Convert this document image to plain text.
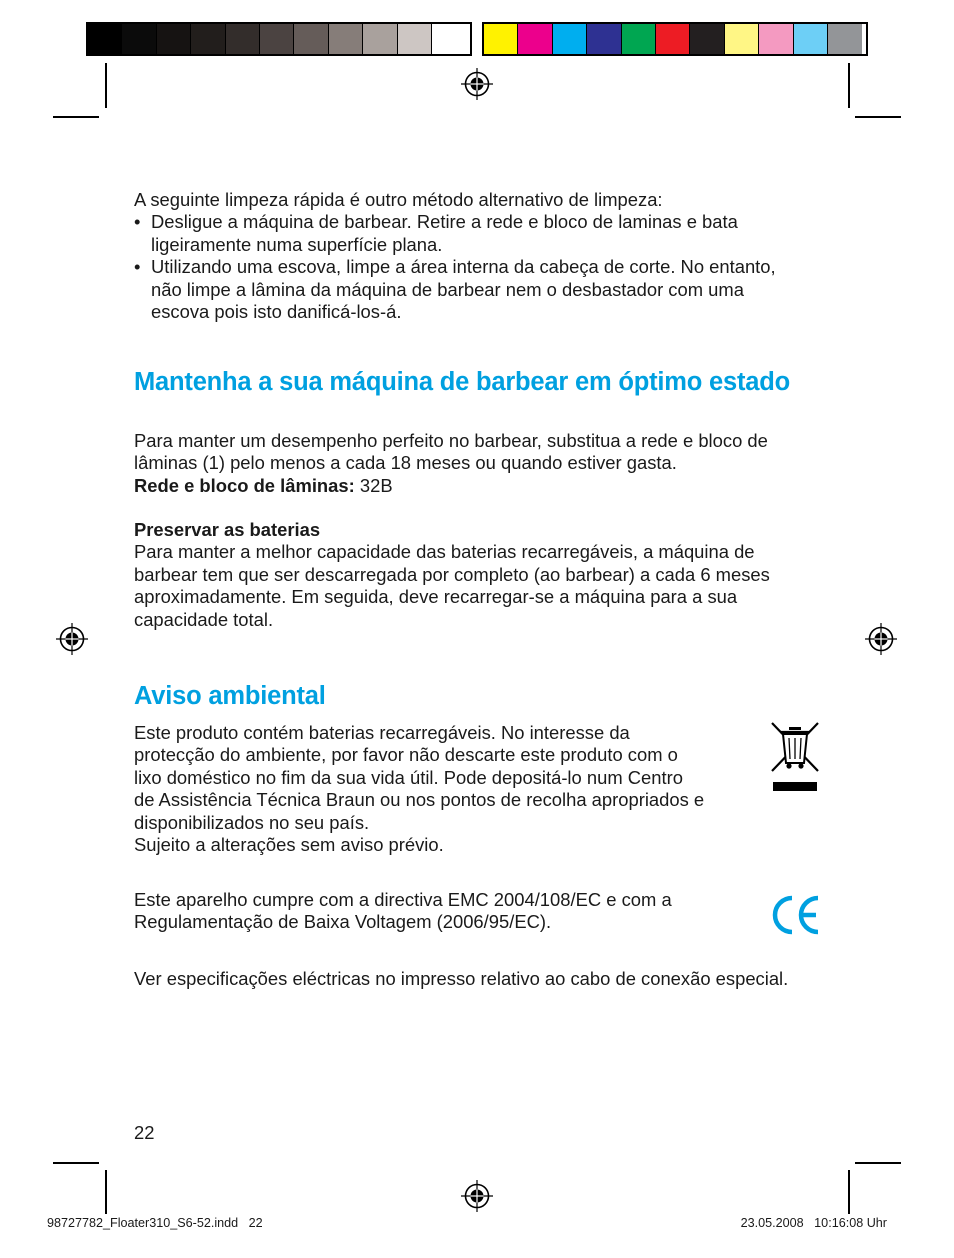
A seguinte limpeza rápida é outro método alternativo de limpeza:

• Desligue a máquina de barbear. Retire a rede e bloco de laminas e bata ligeiramente numa superfície plana.
• Utilizando uma escova, limpe a área interna da cabeça de corte. No entanto, não limpe a lâmina da máquina de barbear nem o desbastador com uma escova pois isto danificá-los-á.
Mantenha a sua máquina de barbear em óptimo estado

Para manter um desempenho perfeito no barbear, substitua a rede e bloco de lâminas (1) pelo menos a cada 18 meses ou quando estiver gasta.

Rede e bloco de lâminas: 32B

Preservar as baterias

Para manter a melhor capacidade das baterias recarregáveis, a máquina de barbear tem que ser descarregada por completo (ao barbear) a cada 6 meses aproximadamente. Em seguida, deve recarregar-se a máquina para a sua capacidade total.

Aviso ambiental

Este produto contém baterias recarregáveis. No interesse da protecção do ambiente, por favor não descarte este produto com o lixo doméstico no fim da sua vida útil. Pode depositá-lo num Centro de Assistência Técnica Braun ou nos pontos de recolha apropriados e disponibilizados no seu país.

Sujeito a alterações sem aviso prévio.

Este aparelho cumpre com a directiva EMC 2004/108/EC e com a Regulamentação de Baixa Voltagem (2006/95/EC).

Ver especificações eléctricas no impresso relativo ao cabo de conexão especial.

22
98727782_Floater310_S6-52.indd   22	23.05.2008   10:16:08 Uhr
